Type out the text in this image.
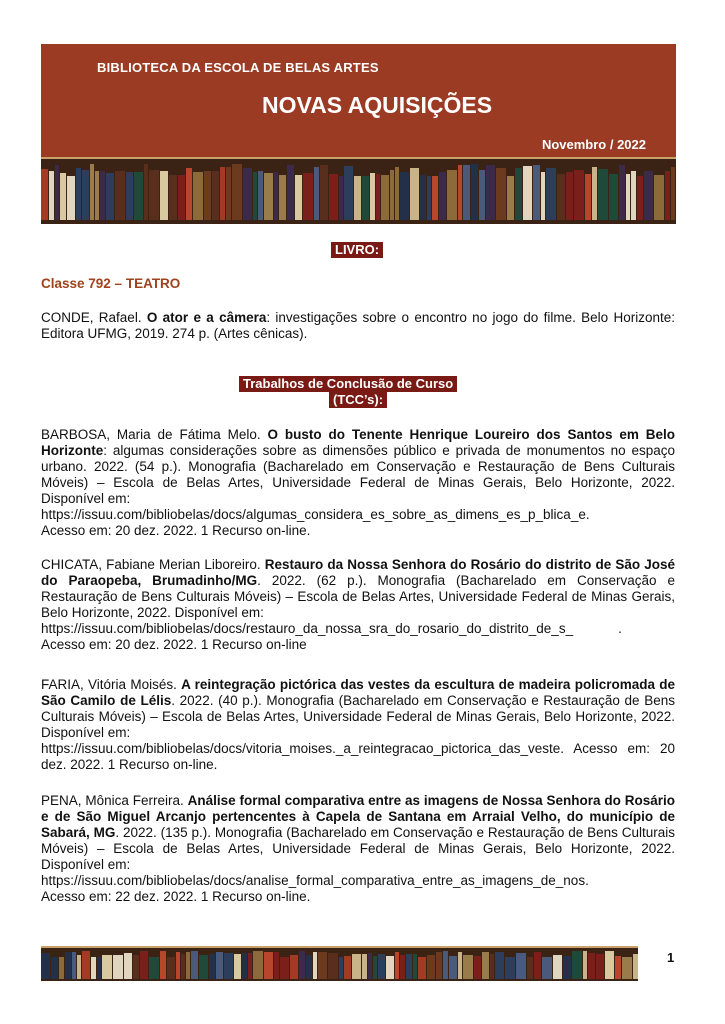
BIBLIOTECA DA ESCOLA DE BELAS ARTES
NOVAS AQUISIÇÕES
Novembro / 2022
LIVRO:
Classe 792 – TEATRO
CONDE, Rafael. O ator e a câmera: investigações sobre o encontro no jogo do filme. Belo Horizonte: Editora UFMG, 2019. 274 p. (Artes cênicas).
Trabalhos de Conclusão de Curso
(TCC’s):
BARBOSA, Maria de Fátima Melo. O busto do Tenente Henrique Loureiro dos Santos em Belo Horizonte: algumas considerações sobre as dimensões público e privada de monumentos no espaço urbano. 2022. (54 p.). Monografia (Bacharelado em Conservação e Restauração de Bens Culturais Móveis) – Escola de Belas Artes, Universidade Federal de Minas Gerais, Belo Horizonte, 2022. Disponível em:
https://issuu.com/bibliobelas/docs/algumas_considera_es_sobre_as_dimens_es_p_blica_e.
Acesso em: 20 dez. 2022. 1 Recurso on-line.
CHICATA, Fabiane Merian Liboreiro. Restauro da Nossa Senhora do Rosário do distrito de São José do Paraopeba, Brumadinho/MG. 2022. (62 p.). Monografia (Bacharelado em Conservação e Restauração de Bens Culturais Móveis) – Escola de Belas Artes, Universidade Federal de Minas Gerais, Belo Horizonte, 2022. Disponível em:
https://issuu.com/bibliobelas/docs/restauro_da_nossa_sra_do_rosario_do_distrito_de_s_            .
Acesso em: 20 dez. 2022. 1 Recurso on-line
FARIA, Vitória Moisés. A reintegração pictórica das vestes da escultura de madeira policromada de São Camilo de Lélis. 2022. (40 p.). Monografia (Bacharelado em Conservação e Restauração de Bens Culturais Móveis) – Escola de Belas Artes, Universidade Federal de Minas Gerais, Belo Horizonte, 2022. Disponível em:
https://issuu.com/bibliobelas/docs/vitoria_moises._a_reintegracao_pictorica_das_veste. Acesso em: 20 dez. 2022. 1 Recurso on-line.
PENA, Mônica Ferreira. Análise formal comparativa entre as imagens de Nossa Senhora do Rosário e de São Miguel Arcanjo pertencentes à Capela de Santana em Arraial Velho, do município de Sabará, MG. 2022. (135 p.). Monografia (Bacharelado em Conservação e Restauração de Bens Culturais Móveis) – Escola de Belas Artes, Universidade Federal de Minas Gerais, Belo Horizonte, 2022. Disponível em:
https://issuu.com/bibliobelas/docs/analise_formal_comparativa_entre_as_imagens_de_nos.
Acesso em: 22 dez. 2022. 1 Recurso on-line.
1
